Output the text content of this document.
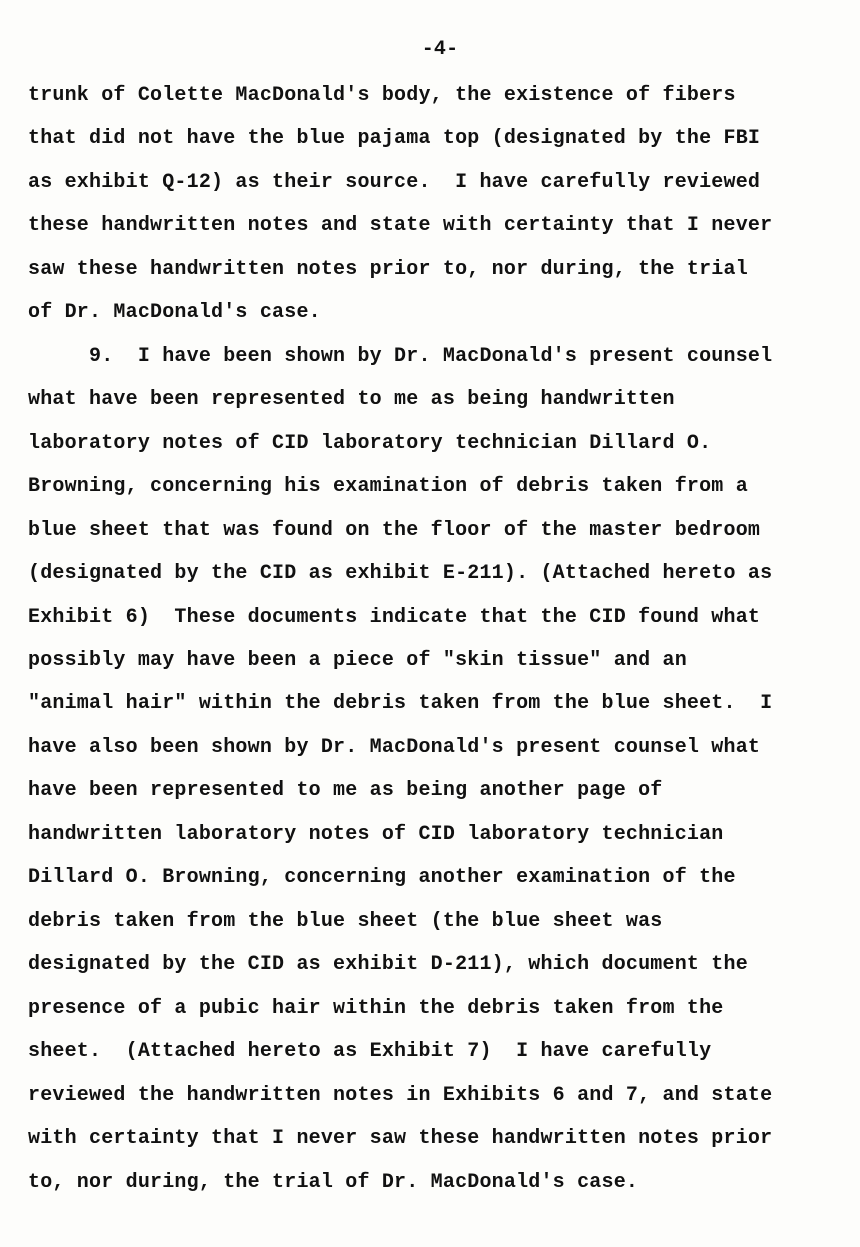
-4-
trunk of Colette MacDonald's body, the existence of fibers
that did not have the blue pajama top (designated by the FBI
as exhibit Q-12) as their source.  I have carefully reviewed
these handwritten notes and state with certainty that I never
saw these handwritten notes prior to, nor during, the trial
of Dr. MacDonald's case.
9.  I have been shown by Dr. MacDonald's present counsel
what have been represented to me as being handwritten
laboratory notes of CID laboratory technician Dillard O.
Browning, concerning his examination of debris taken from a
blue sheet that was found on the floor of the master bedroom
(designated by the CID as exhibit E-211). (Attached hereto as
Exhibit 6)  These documents indicate that the CID found what
possibly may have been a piece of "skin tissue" and an
"animal hair" within the debris taken from the blue sheet.  I
have also been shown by Dr. MacDonald's present counsel what
have been represented to me as being another page of
handwritten laboratory notes of CID laboratory technician
Dillard O. Browning, concerning another examination of the
debris taken from the blue sheet (the blue sheet was
designated by the CID as exhibit D-211), which document the
presence of a pubic hair within the debris taken from the
sheet.  (Attached hereto as Exhibit 7)  I have carefully
reviewed the handwritten notes in Exhibits 6 and 7, and state
with certainty that I never saw these handwritten notes prior
to, nor during, the trial of Dr. MacDonald's case.
